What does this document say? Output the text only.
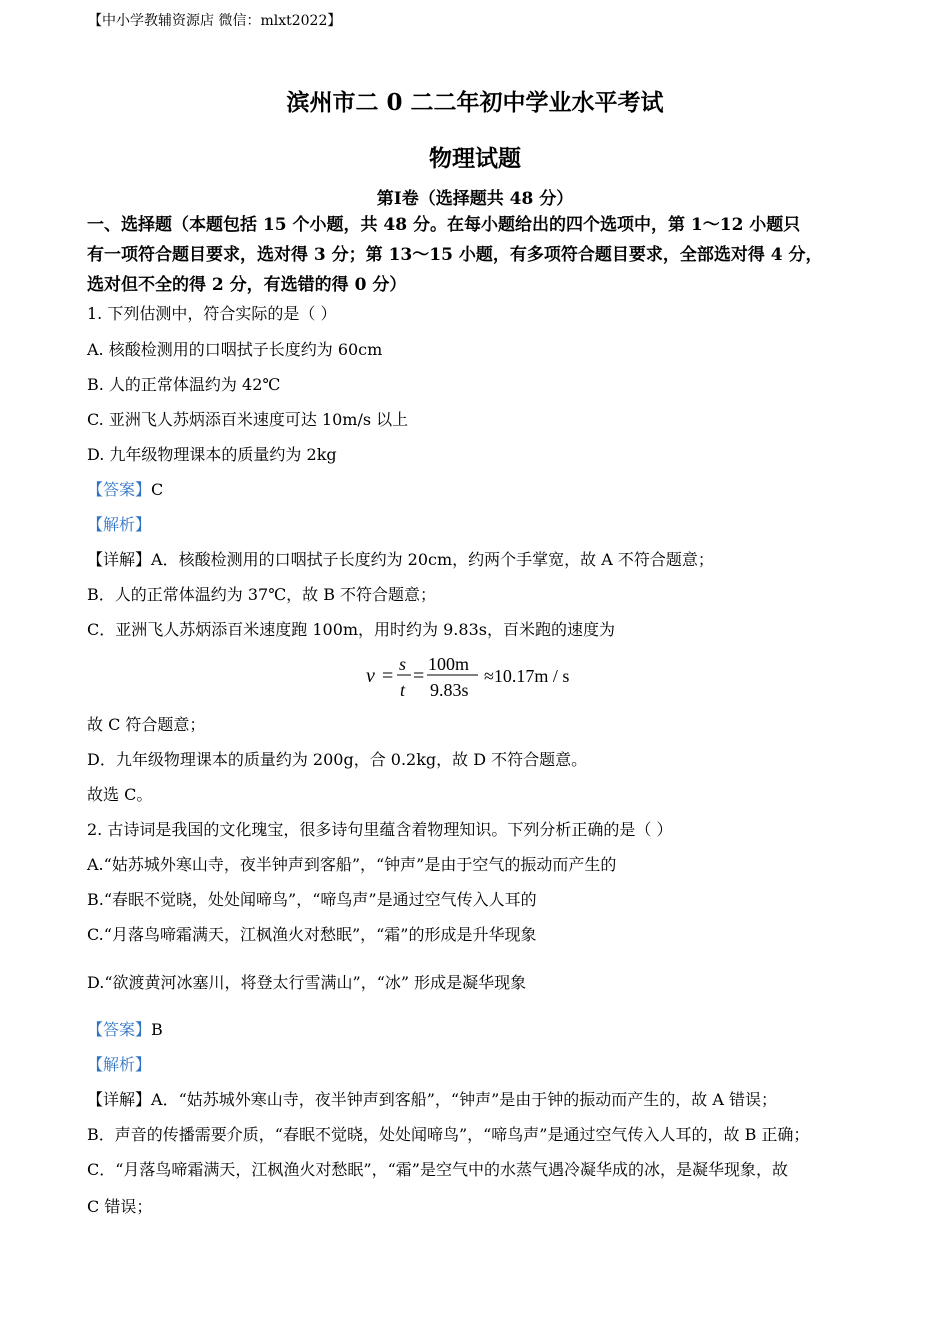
【中小学教辅资源店 微信：mlxt2022】
滨州市二 0 二二年初中学业水平考试
物理试题
第Ⅰ卷（选择题共 48 分）
一、选择题（本题包括 15 个小题，共 48 分。在每小题给出的四个选项中，第 1～12 小题只
有一项符合题目要求，选对得 3 分；第 13～15 小题，有多项符合题目要求，全部选对得 4 分，
选对但不全的得 2 分，有选错的得 0 分）
1. 下列估测中，符合实际的是（ ）
A. 核酸检测用的口咽拭子长度约为 60cm
B. 人的正常体温约为 42℃
C. 亚洲飞人苏炳添百米速度可达 10m/s 以上
D. 九年级物理课本的质量约为 2kg
【答案】C
【解析】
【详解】A．核酸检测用的口咽拭子长度约为 20cm，约两个手掌宽，故 A 不符合题意；
B．人的正常体温约为 37℃，故 B 不符合题意；
C．亚洲飞人苏炳添百米速度跑 100m，用时约为 9.83s，百米跑的速度为
v =
s
t
=
100m
9.83s
≈10.17m / s
故 C 符合题意；
D．九年级物理课本的质量约为 200g，合 0.2kg，故 D 不符合题意。
故选 C。
2. 古诗词是我国的文化瑰宝，很多诗句里蕴含着物理知识。下列分析正确的是（ ）
A.“姑苏城外寒山寺，夜半钟声到客船”，“钟声”是由于空气的振动而产生的
B.“春眠不觉晓，处处闻啼鸟”，“啼鸟声”是通过空气传入人耳的
C.“月落鸟啼霜满天，江枫渔火对愁眠”，“霜”的形成是升华现象
D.“欲渡黄河冰塞川，将登太行雪满山”，“冰” 形成是凝华现象
【答案】B
【解析】
【详解】A．“姑苏城外寒山寺，夜半钟声到客船”，“钟声”是由于钟的振动而产生的，故 A 错误；
B．声音的传播需要介质，“春眠不觉晓，处处闻啼鸟”，“啼鸟声”是通过空气传入人耳的，故 B 正确；
C．“月落鸟啼霜满天，江枫渔火对愁眠”，“霜”是空气中的水蒸气遇冷凝华成的冰，是凝华现象，故
C 错误；
